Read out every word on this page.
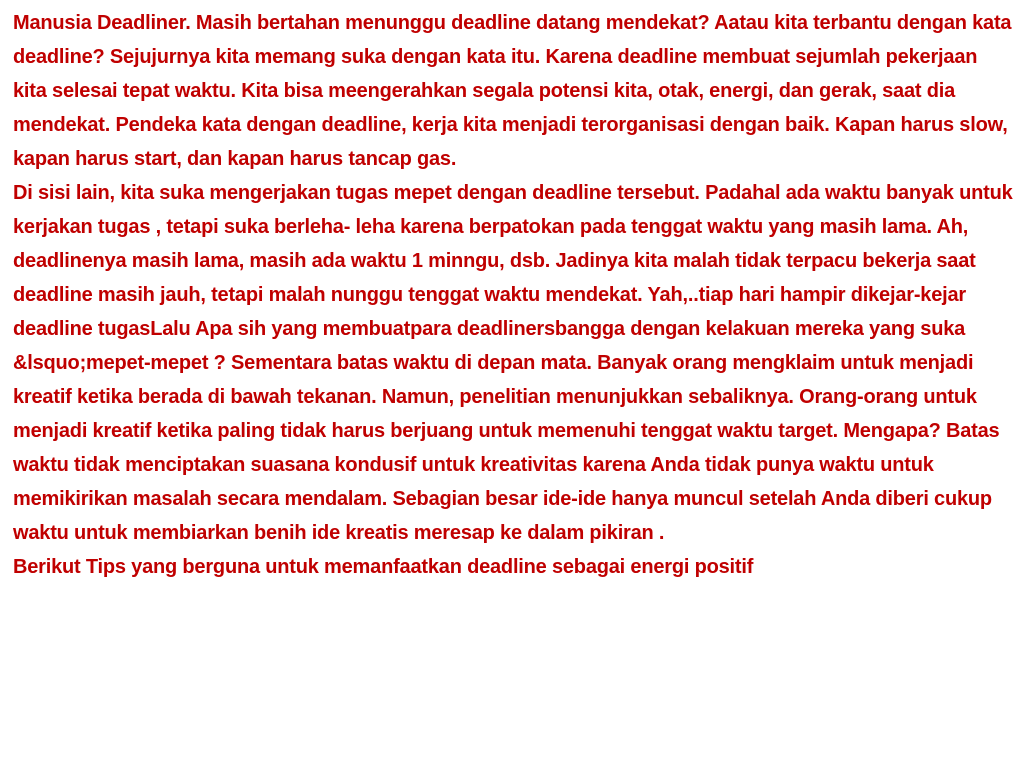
Manusia Deadliner. Masih bertahan menunggu deadline datang mendekat? Aatau kita terbantu dengan kata deadline? Sejujurnya kita memang suka dengan kata itu. Karena deadline membuat sejumlah pekerjaan kita selesai tepat waktu. Kita bisa meengerahkan segala potensi kita, otak, energi, dan gerak, saat dia mendekat. Pendeka kata dengan deadline, kerja kita menjadi terorganisasi dengan baik. Kapan harus slow, kapan harus start, dan kapan harus tancap gas.

Di sisi lain, kita suka mengerjakan tugas mepet dengan deadline tersebut. Padahal ada waktu banyak untuk kerjakan tugas , tetapi suka berleha- leha karena berpatokan pada tenggat waktu yang masih lama. Ah, deadlinenya masih lama, masih ada waktu 1 minngu, dsb. Jadinya kita malah tidak terpacu bekerja saat deadline masih jauh, tetapi malah nunggu tenggat waktu mendekat. Yah,..tiap hari hampir dikejar-kejar deadline tugasLalu Apa sih yang membuatpara deadlinersbangga dengan kelakuan mereka yang suka &lsquo;mepet-mepet ? Sementara batas waktu di depan mata. Banyak orang mengklaim untuk menjadi kreatif ketika berada di bawah tekanan. Namun, penelitian menunjukkan sebaliknya. Orang-orang untuk menjadi kreatif ketika paling tidak harus berjuang untuk memenuhi tenggat waktu target. Mengapa? Batas waktu tidak menciptakan suasana kondusif untuk kreativitas karena Anda tidak punya waktu untuk memikirikan masalah secara mendalam. Sebagian besar ide-ide hanya muncul setelah Anda diberi cukup waktu untuk membiarkan benih ide kreatis meresap ke dalam pikiran .

Berikut Tips yang berguna untuk memanfaatkan deadline sebagai energi positif
